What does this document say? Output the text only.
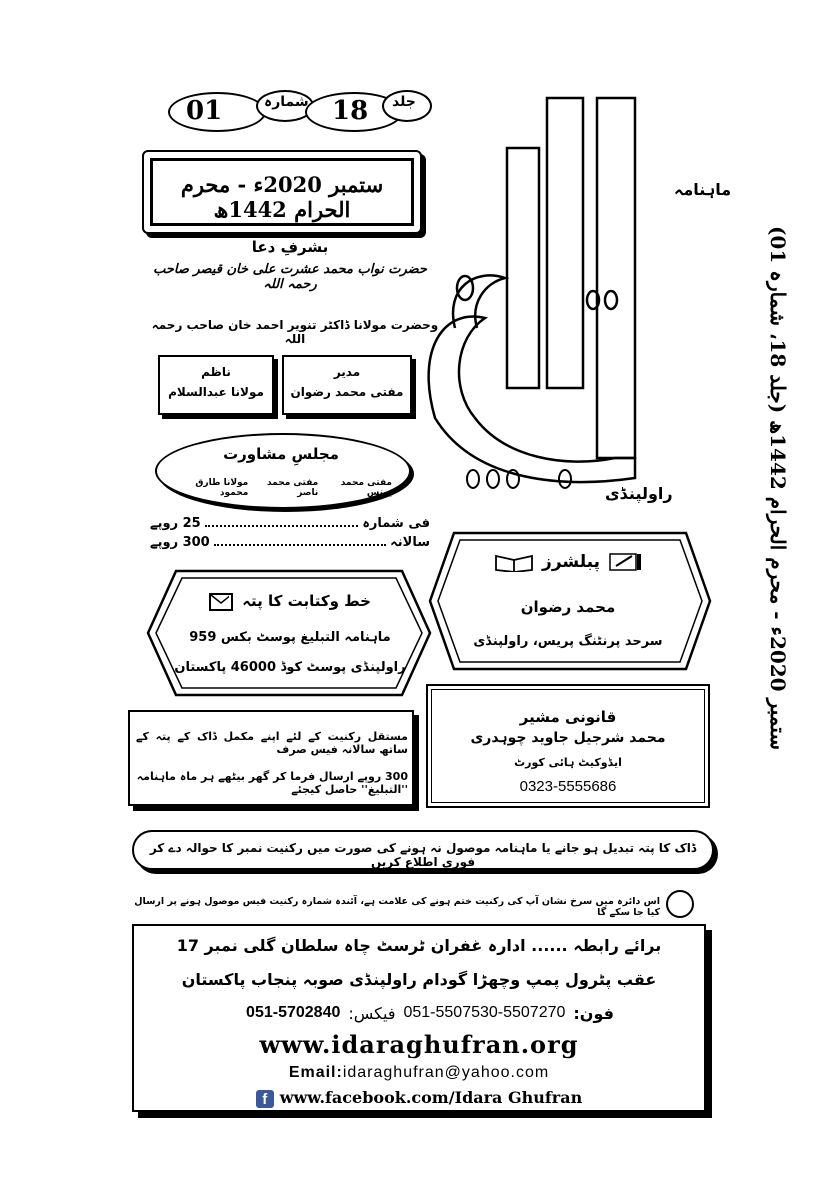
01	شمارہ 18 جلد
ستمبر 2020ء - محرم الحرام 1442ھ
بشرفِ دعا
حضرت نواب محمد عشرت علی خان قیصر صاحب رحمہ اللہ
وحضرت مولانا ڈاکٹر تنویر احمد خان صاحب رحمہ اللہ
مدیر
مفتی محمد رضوان
ناظم
مولانا عبدالسلام
مجلسِ مشاورت
مفتی محمد یونس
مفتی محمد ناصر
مولانا طارق محمود
ماہنامہ
راولپنڈی
فی شمارہ
25 روپے
سالانہ
300 روپے
خط وکتابت کا پتہ
ماہنامہ التبلیغ پوسٹ بکس 959
راولپنڈی پوسٹ کوڈ 46000 پاکستان
پبلشرز
محمد رضوان
سرحد پرنٹنگ پریس، راولپنڈی
قانونی مشیر
محمد شرجیل جاوید چوہدری
ایڈوکیٹ ہائی کورٹ
0323-5555686
مستقل رکنیت کے لئے اپنے مکمل ڈاک کے پتہ کے ساتھ سالانہ فیس صرف
300 روپے ارسال فرما کر گھر بیٹھے ہر ماہ ماہنامہ ''التبلیغ'' حاصل کیجئے
ڈاک کا پتہ تبدیل ہو جانے یا ماہنامہ موصول نہ ہونے کی صورت میں رکنیت نمبر کا حوالہ دے کر فوری اطلاع کریں
اس دائرہ میں سرخ نشان آپ کی رکنیت ختم ہونے کی علامت ہے، آئندہ شمارہ رکنیت فیس موصول ہونے پر ارسال کیا جا سکے گا
برائے رابطہ ...... ادارہ غفران ٹرسٹ چاہ سلطان گلی نمبر 17
عقب پٹرول پمپ وچھڑا گودام راولپنڈی صوبہ پنجاب پاکستان
فون:
051-5507530-5507270
فیکس:
051-5702840
www.idaraghufran.org
Email:idaraghufran@yahoo.com
f www.facebook.com/Idara Ghufran
ستمبر 2020ء - محرم الحرام 1442ھ (جلد 18، شمارہ 01)
